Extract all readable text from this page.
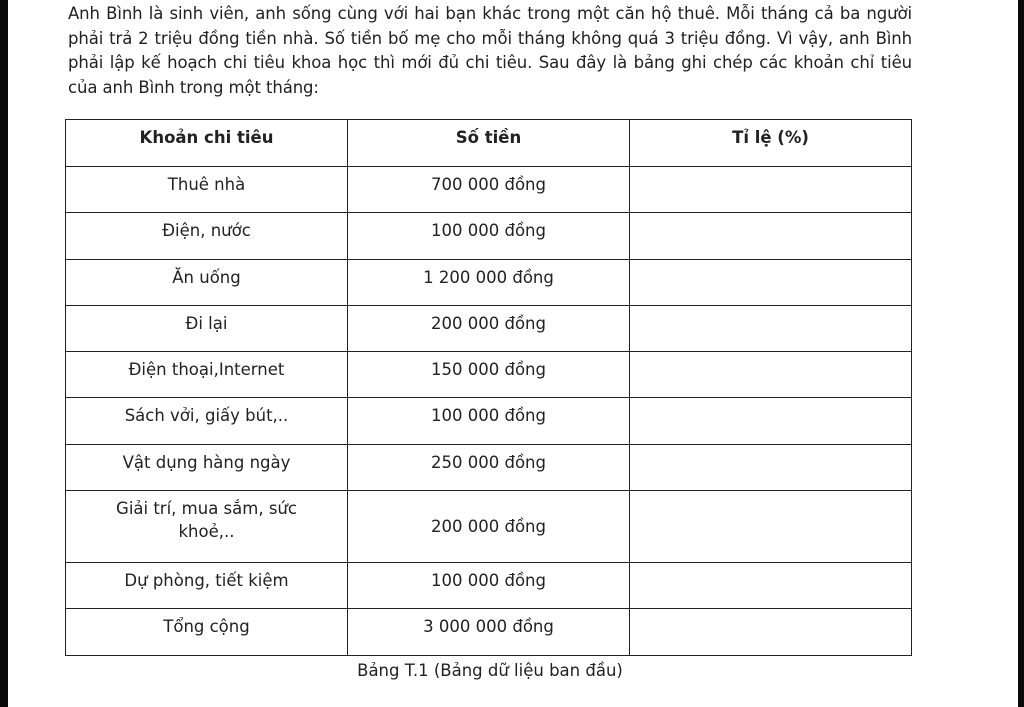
Anh Bình là sinh viên, anh sống cùng với hai bạn khác trong một căn hộ thuê. Mỗi tháng cả ba người phải trả 2 triệu đồng tiền nhà. Số tiền bố mẹ cho mỗi tháng không quá 3 triệu đồng. Vì vậy, anh Bình phải lập kế hoạch chi tiêu khoa học thì mới đủ chi tiêu. Sau đây là bảng ghi chép các khoản chỉ tiêu của anh Bình trong một tháng:

Khoản chi tiêu	Số tiền	Tỉ lệ (%)
Thuê nhà	700 000 đồng	
Điện, nước	100 000 đồng	
Ăn uống	1 200 000 đồng	
Đi lại	200 000 đồng	
Điện thoại,Internet	150 000 đồng	
Sách vởi, giấy bút,..	100 000 đồng	
Vật dụng hàng ngày	250 000 đồng	
Giải trí, mua sắm, sức khoẻ,..	200 000 đồng	
Dự phòng, tiết kiệm	100 000 đồng	
Tổng cộng	3 000 000 đồng	
Bảng T.1 (Bảng dữ liệu ban đầu)
